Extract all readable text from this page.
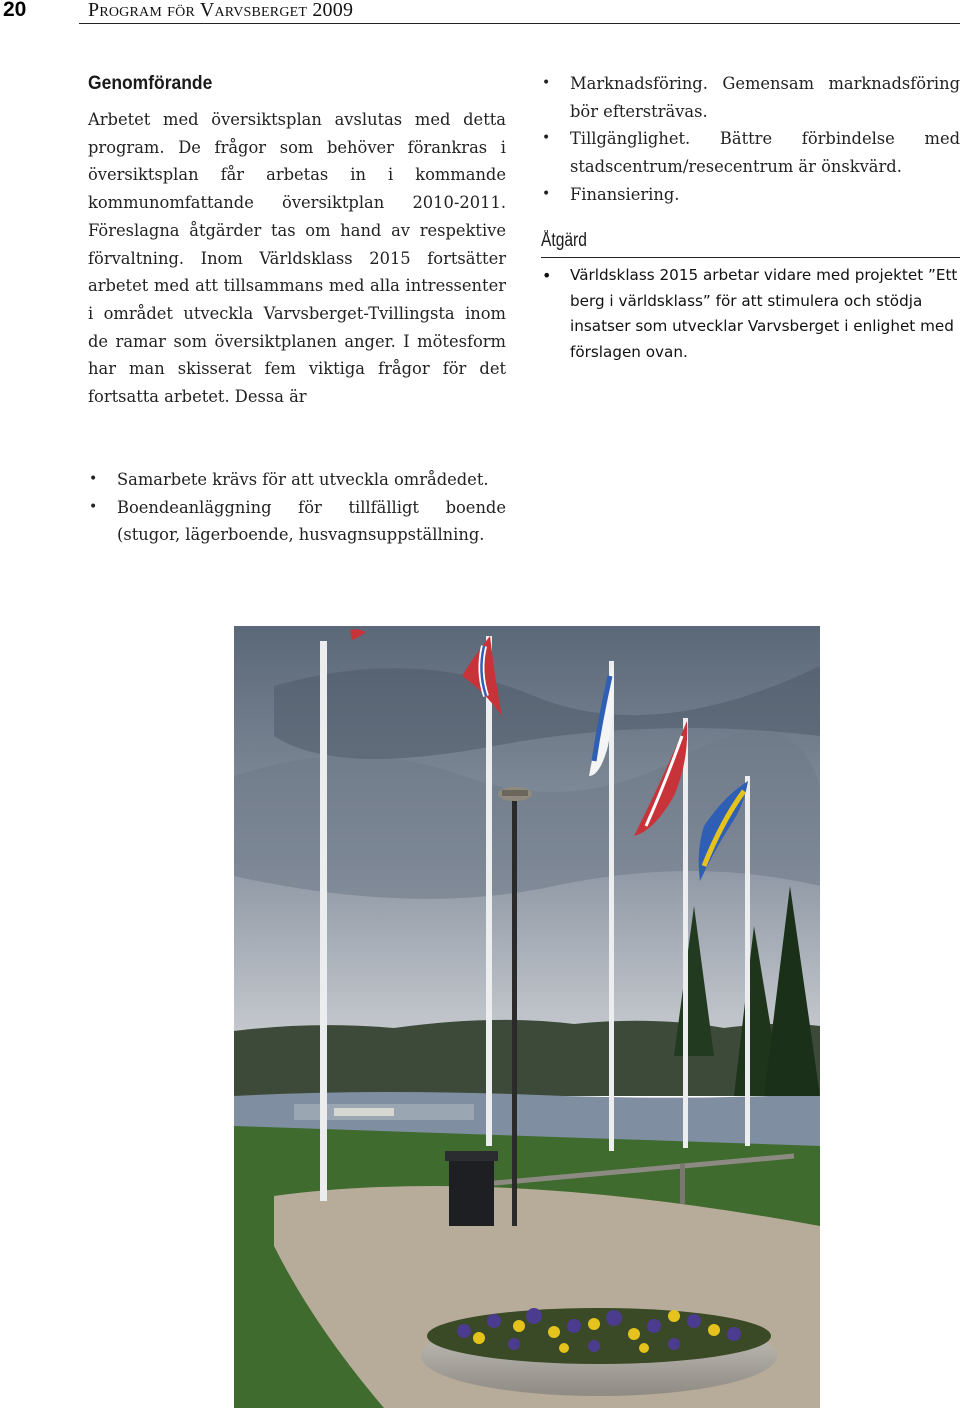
20	Program för Varvsberget 2009
Genomförande

Arbetet med översiktsplan avslutas med detta program. De frågor som behöver förankras i översiktsplan får arbetas in i kommande kommunomfattande översiktplan 2010-2011. Föreslagna åtgärder tas om hand av respektive förvaltning. Inom Världsklass 2015 fortsätter arbetet med att tillsammans med alla intressenter i området utveckla Varvsberget-Tvillingsta inom de ramar som översiktplanen anger. I mötesform har man skisserat fem viktiga frågor för det fortsatta arbetet. Dessa är

• Samarbete krävs för att utveckla områdedet.
• Boendeanläggning för tillfälligt boende (stugor, lägerboende, husvagnsuppställning.
• Marknadsföring. Gemensam marknadsföring bör eftersträvas.
• Tillgänglighet. Bättre förbindelse med stadscentrum/resecentrum är önskvärd.
• Finansiering.
Åtgärd
• Världsklass 2015 arbetar vidare med projektet ”Ett berg i världsklass” för att stimulera och stödja insatser som utvecklar Varvsberget i enlighet med förslagen ovan.
